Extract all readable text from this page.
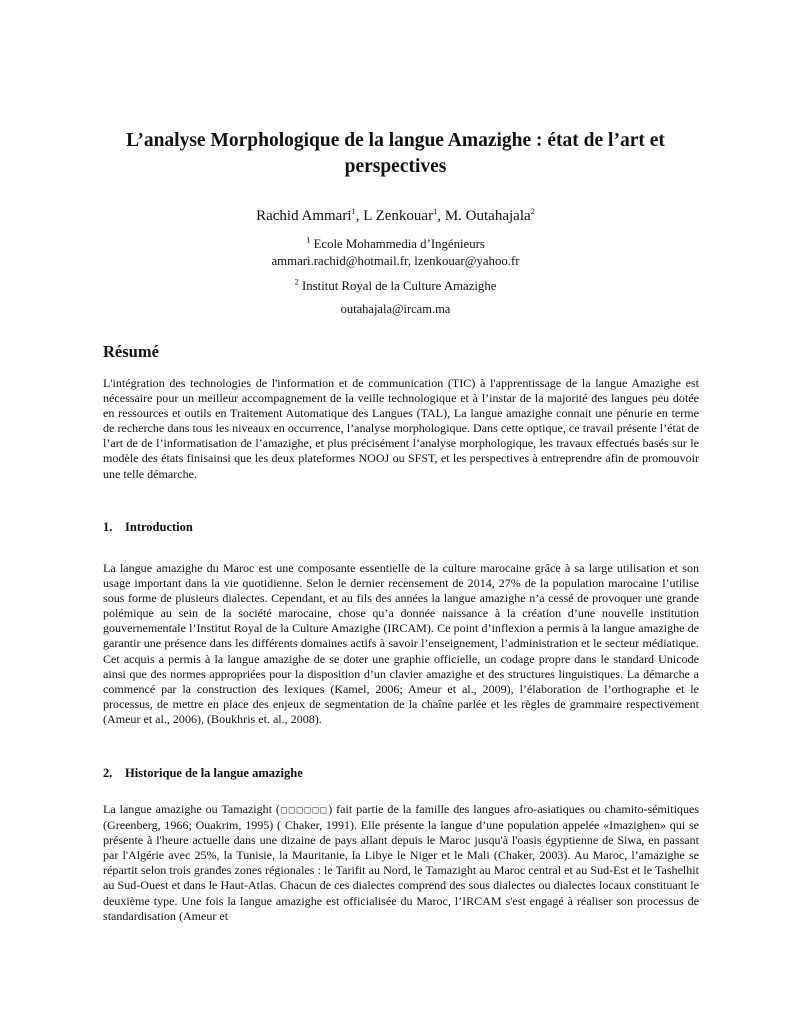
L’analyse Morphologique de la langue Amazighe : état de l’art et
perspectives
Rachid Ammari$^1$, L Zenkouar$^1$, M. Outahajala$^2$
$^1$ Ecole Mohammedia d’Ingénieurs
ammari.rachid@hotmail.fr, lzenkouar@yahoo.fr
$^2$ Institut Royal de la Culture Amazighe
outahajala@ircam.ma
Résumé

L'intégration des technologies de l'information et de communication (TIC) à l'apprentissage de la langue Amazighe est nécessaire pour un meilleur accompagnement de la veille technologique et à l’instar de la majorité des langues peu dotée en ressources et outils en Traitement Automatique des Langues (TAL), La langue amazighe connait une pénurie en terme de recherche dans tous les niveaux en occurrence, l’analyse morphologique. Dans cette optique, ce travail présente l’état de l’art de de l’informatisation de l’amazighe, et plus précisément l’analyse morphologique, les travaux effectués basés sur le modèle des états finisainsi que les deux plateformes NOOJ ou SFST, et les perspectives à entreprendre afin de promouvoir une telle démarche.

1. Introduction

La langue amazighe du Maroc est une composante essentielle de la culture marocaine grâce à sa large utilisation et son usage important dans la vie quotidienne. Selon le dernier recensement de 2014, 27% de la population marocaine l’utilise sous forme de plusieurs dialectes. Cependant, et au fils des années la langue amazighe n’a cessé de provoquer une grande polémique au sein de la société marocaine, chose qu’a donnée naissance à la création d’une nouvelle institution gouvernementale l’Institut Royal de la Culture Amazighe (IRCAM). Ce point d’inflexion a permis à la langue amazighe de garantir une présence dans les différents domaines actifs à savoir l’enseignement, l’administration et le secteur médiatique. Cet acquis a permis à la langue amazighe de se doter une graphie officielle, un codage propre dans le standard Unicode ainsi que des normes appropriées pour la disposition d’un clavier amazighe et des structures linguistiques. La démarche a commencé par la construction des lexiques (Kamel, 2006; Ameur et al., 2009), l’élaboration de l’orthographe et le processus, de mettre en place des enjeux de segmentation de la chaîne parlée et les règles de grammaire respectivement (Ameur et al., 2006), (Boukhris et. al., 2008).

2. Historique de la langue amazighe

La langue amazighe ou Tamazight (□□□□□□) fait partie de la famille des langues afro-asiatiques ou chamito-sémitiques (Greenberg, 1966; Ouakrim, 1995) ( Chaker, 1991). Elle présente la langue d’une population appelée «Imazighen» qui se présente à l'heure actuelle dans une dizaine de pays allant depuis le Maroc jusqu'à l'oasis égyptienne de Siwa, en passant par l'Algérie avec 25%, la Tunisie, la Mauritanie, la Libye le Niger et le Mali (Chaker, 2003). Au Maroc, l’amazighe se répartit selon trois grandes zones régionales : le Tarifit au Nord, le Tamazight au Maroc central et au Sud-Est et le Tashelhit au Sud-Ouest et dans le Haut-Atlas. Chacun de ces dialectes comprend des sous dialectes ou dialectes locaux constituant le deuxième type. Une fois la langue amazighe est officialisée du Maroc, l’IRCAM s'est engagé à réaliser son processus de standardisation (Ameur et
